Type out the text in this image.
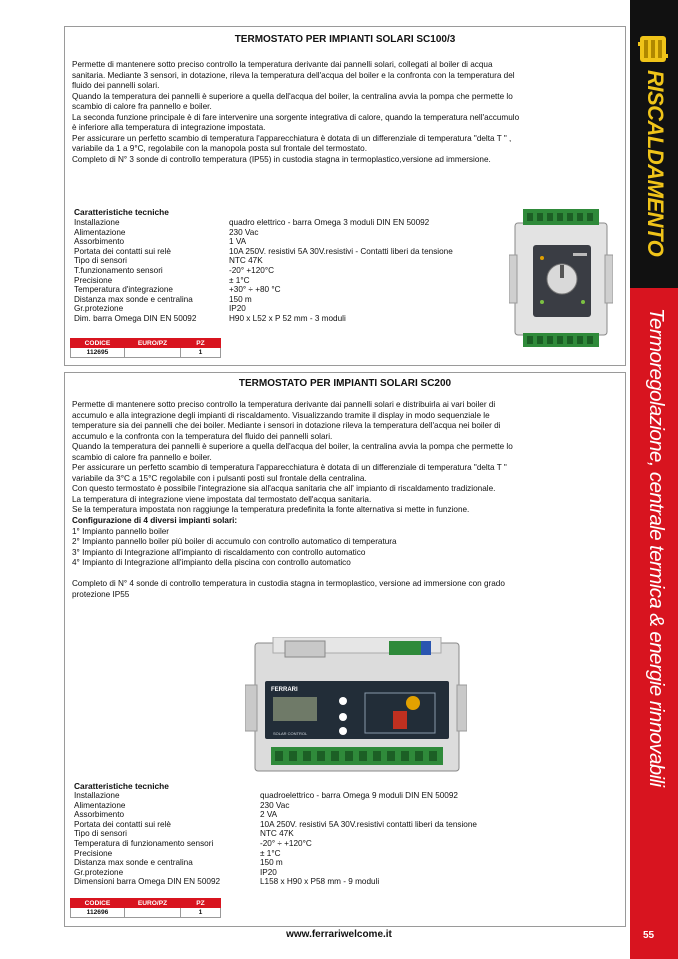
RISCALDAMENTO
Termoregolazione, centrale termica & energie rinnovabili
55
TERMOSTATO PER IMPIANTI SOLARI SC100/3

Permette di mantenere sotto preciso controllo la temperatura derivante dai pannelli solari, collegati al boiler di acqua

sanitaria. Mediante 3 sensori, in dotazione, rileva la temperatura dell'acqua del boiler e la confronta con la temperatura del

fluido dei pannelli solari.

Quando la temperatura dei pannelli è superiore a quella dell'acqua del boiler, la centralina avvia la pompa che permette lo

scambio di calore fra pannello e boiler.

La seconda funzione principale è di fare intervenire una sorgente integrativa di calore, quando la temperatura nell'accumulo

è inferiore alla temperatura di integrazione impostata.

Per assicurare un perfetto scambio di temperatura l'apparecchiatura è dotata di un differenziale di temperatura "delta T " ,

variabile da 1 a 9°C, regolabile con la manopola posta sul frontale del termostato.

Completo di N° 3 sonde di controllo temperatura (IP55) in custodia stagna in termoplastico,versione ad immersione.

Caratteristiche tecniche
Installazione	quadro elettrico - barra Omega 3 moduli DIN EN 50092
Alimentazione	230 Vac
Assorbimento	1 VA
Portata dei contatti sui relè	10A 250V. resistivi 5A 30V.resistivi - Contatti liberi da tensione
Tipo di sensori	NTC 47K
T.funzionamento sensori	-20° +120°C
Precisione	± 1°C
Temperatura d'integrazione	+30° ÷ +80 °C
Distanza max sonde e centralina	150 m
Gr.protezione	IP20
Dim. barra Omega DIN EN 50092	H90 x L52 x P 52 mm - 3 moduli
CODICE	EURO/PZ	PZ
112695		1
TERMOSTATO PER IMPIANTI SOLARI SC200

Permette di mantenere sotto preciso controllo la temperatura derivante dai pannelli solari e distribuirla ai vari boiler di

accumulo e alla integrazione degli impianti di riscaldamento. Visualizzando tramite il display in modo sequenziale le

temperature sia dei pannelli che dei boiler. Mediante i sensori in dotazione rileva la temperatura dell'acqua nei boiler di

accumulo e la confronta con la temperatura del fluido dei pannelli solari.

Quando la temperatura dei pannelli è superiore a quella dell'acqua del boiler, la centralina avvia la pompa che permette lo

scambio di calore fra pannello e boiler.

Per assicurare un perfetto scambio di temperatura l'apparecchiatura è dotata di un differenziale di temperatura "delta T "

variabile da 3°C a 15°C regolabile con i pulsanti posti sul frontale della centralina.

Con questo termostato è possibile l'integrazione sia all'acqua sanitaria che all' impianto di riscaldamento tradizionale.

La temperatura di integrazione viene impostata dal termostato dell'acqua sanitaria.

Se la temperatura impostata non raggiunge la temperatura predefinita la fonte alternativa si mette in funzione.

Configurazione di 4 diversi impianti solari:

1° Impianto pannello boiler

2° Impianto pannello boiler più boiler di accumulo con controllo automatico di temperatura

3° Impianto di Integrazione all'impianto di riscaldamento con controllo automatico

4° Impianto di Integrazione all'impianto della piscina con controllo automatico

Completo di N° 4 sonde di controllo temperatura in custodia stagna in termoplastico, versione ad immersione con grado

protezione IP55

FERRARI
SOLAR CONTROL
Caratteristiche tecniche
Installazione	quadroelettrico - barra Omega 9 moduli DIN EN 50092
Alimentazione	230 Vac
Assorbimento	2 VA
Portata dei contatti sui relè	10A 250V. resistivi 5A 30V.resistivi contatti liberi da tensione
Tipo di sensori	NTC 47K
Temperatura di funzionamento sensori	-20° ÷ +120°C
Precisione	± 1°C
Distanza max sonde e centralina	150 m
Gr.protezione	IP20
Dimensioni barra Omega DIN EN 50092	L158 x H90 x P58 mm - 9 moduli
CODICE	EURO/PZ	PZ
112696		1
www.ferrariwelcome.it
